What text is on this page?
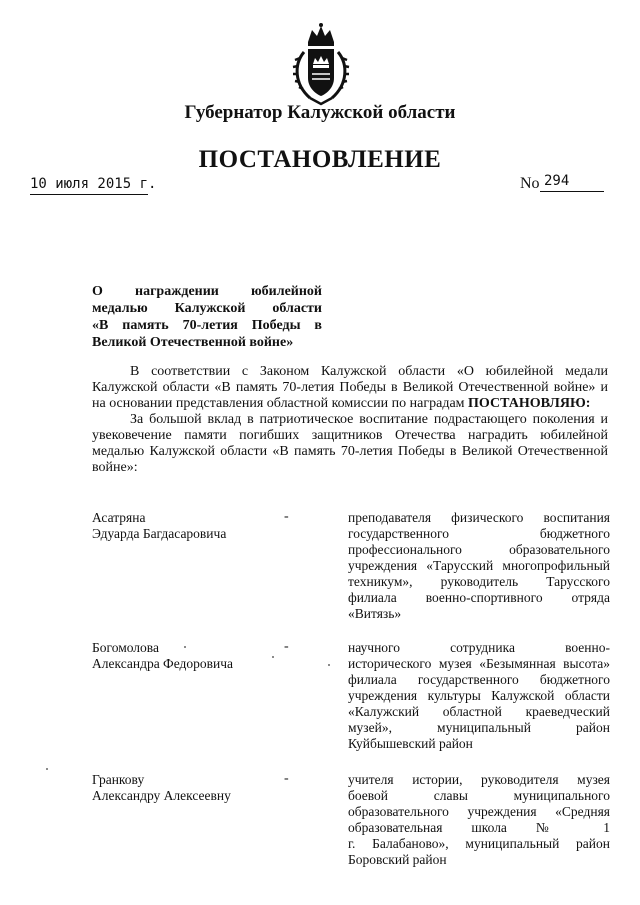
Губернатор Калужской области
ПОСТАНОВЛЕНИЕ
10 июля 2015 г.	No 294
О награждении юбилейной
медалью Калужской области
«В память 70-летия Победы в
Великой Отечественной войне»
В соответствии с Законом Калужской области «О юбилейной медали
Калужской области «В память 70-летия Победы в Великой Отечественной войне» и
на основании представления областной комиссии по наградам ПОСТАНОВЛЯЮ:
За большой вклад в патриотическое воспитание подрастающего поколения и
увековечение памяти погибших защитников Отечества наградить юбилейной
медалью Калужской области «В память 70-летия Победы в Великой Отечественной
войне»:
Асатряна
Эдуарда Багдасаровича
-	преподавателя физического воспитания
государственного бюджетного
профессионального образовательного
учреждения «Тарусский многопрофильный
техникум», руководитель Тарусского
филиала военно-спортивного отряда
«Витязь»
Богомолова
Александра Федоровича
-	научного сотрудника военно-
исторического музея «Безымянная высота»
филиала государственного бюджетного
учреждения культуры Калужской области
«Калужский областной краеведческий
музей», муниципальный район
Куйбышевский район
Гранкову
Александру Алексеевну
-	учителя истории, руководителя музея
боевой славы муниципального
образовательного учреждения «Средняя
образовательная школа № 1
г. Балабаново», муниципальный район
Боровский район
